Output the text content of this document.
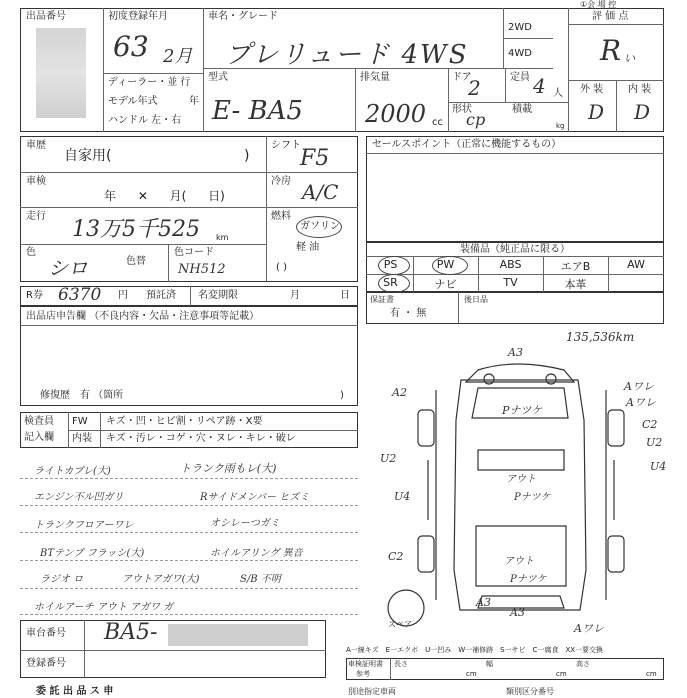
①会 場 控
出品番号	初度登録年月
63 2月
ディーラー・並 行
モデル年式	年
ハンドル 左・右
車名・グレード
プレリュード 4WS
2WD
4WD
型式
E- BA5
排気量
2000 cc
ドア
2	定員 4 人
形状
cp
積載
kg
評 価 点
R い
外 装 内 装
D D
車歴
自家用(	)
車検
年 ✕ 月( 日)
走行
13万5千525 km
色
シロ	色替
色コード
NH512
シフト
F5
冷房 A/C
燃料
ガソリン
軽 油
( )
セールスポイント（正常に機能するもの）
装備品（純正品に限る）
PS	PW	ABS	エアB	AW
SR	ナビ	TV	本革
R券 6370 円 預託済 名変期限	月	日	保証書
有 ・ 無
後日品
出品店申告欄 （不良内容・欠品・注意事項等記載）
修復歴　有 （箇所	)
検査員
記入欄
FW キズ・凹・ヒビ割・リペア跡・X要
内装 キズ・汚レ・コゲ・穴・ヌレ・キレ・破レ
ライトカプレ(大)	トランク雨もレ(大)
エンジン不ル凹ガリ	Rサイドメンバー ヒズミ
トランクフロアーワレ	オシレーつガミ
BTテンプ フラッシ(大)	ホイルアリング 異音
ラジオ ロ	アウトアガワ(大)	S/B 不明
ホイルアーチ アウト アガワ ガ
135,536km
A3
A2	Aワレ
Aワレ
C2
U2
U4
U2
U4
C2
Aワレ
A3
A3
Pナツケ
アウト
Pナツケ
アウト
Pナツケ
スペア
A一線キズ　E一エクボ　U一凹み　W一補修跡　S一サビ　C一腐食　XX一要交換
車検証明書
参考
長さ
cm
幅
cm
高さ
cm
車台番号 BA5-
登録番号
委 託 出 品 ス 申	別途指定車両	類別区分番号
